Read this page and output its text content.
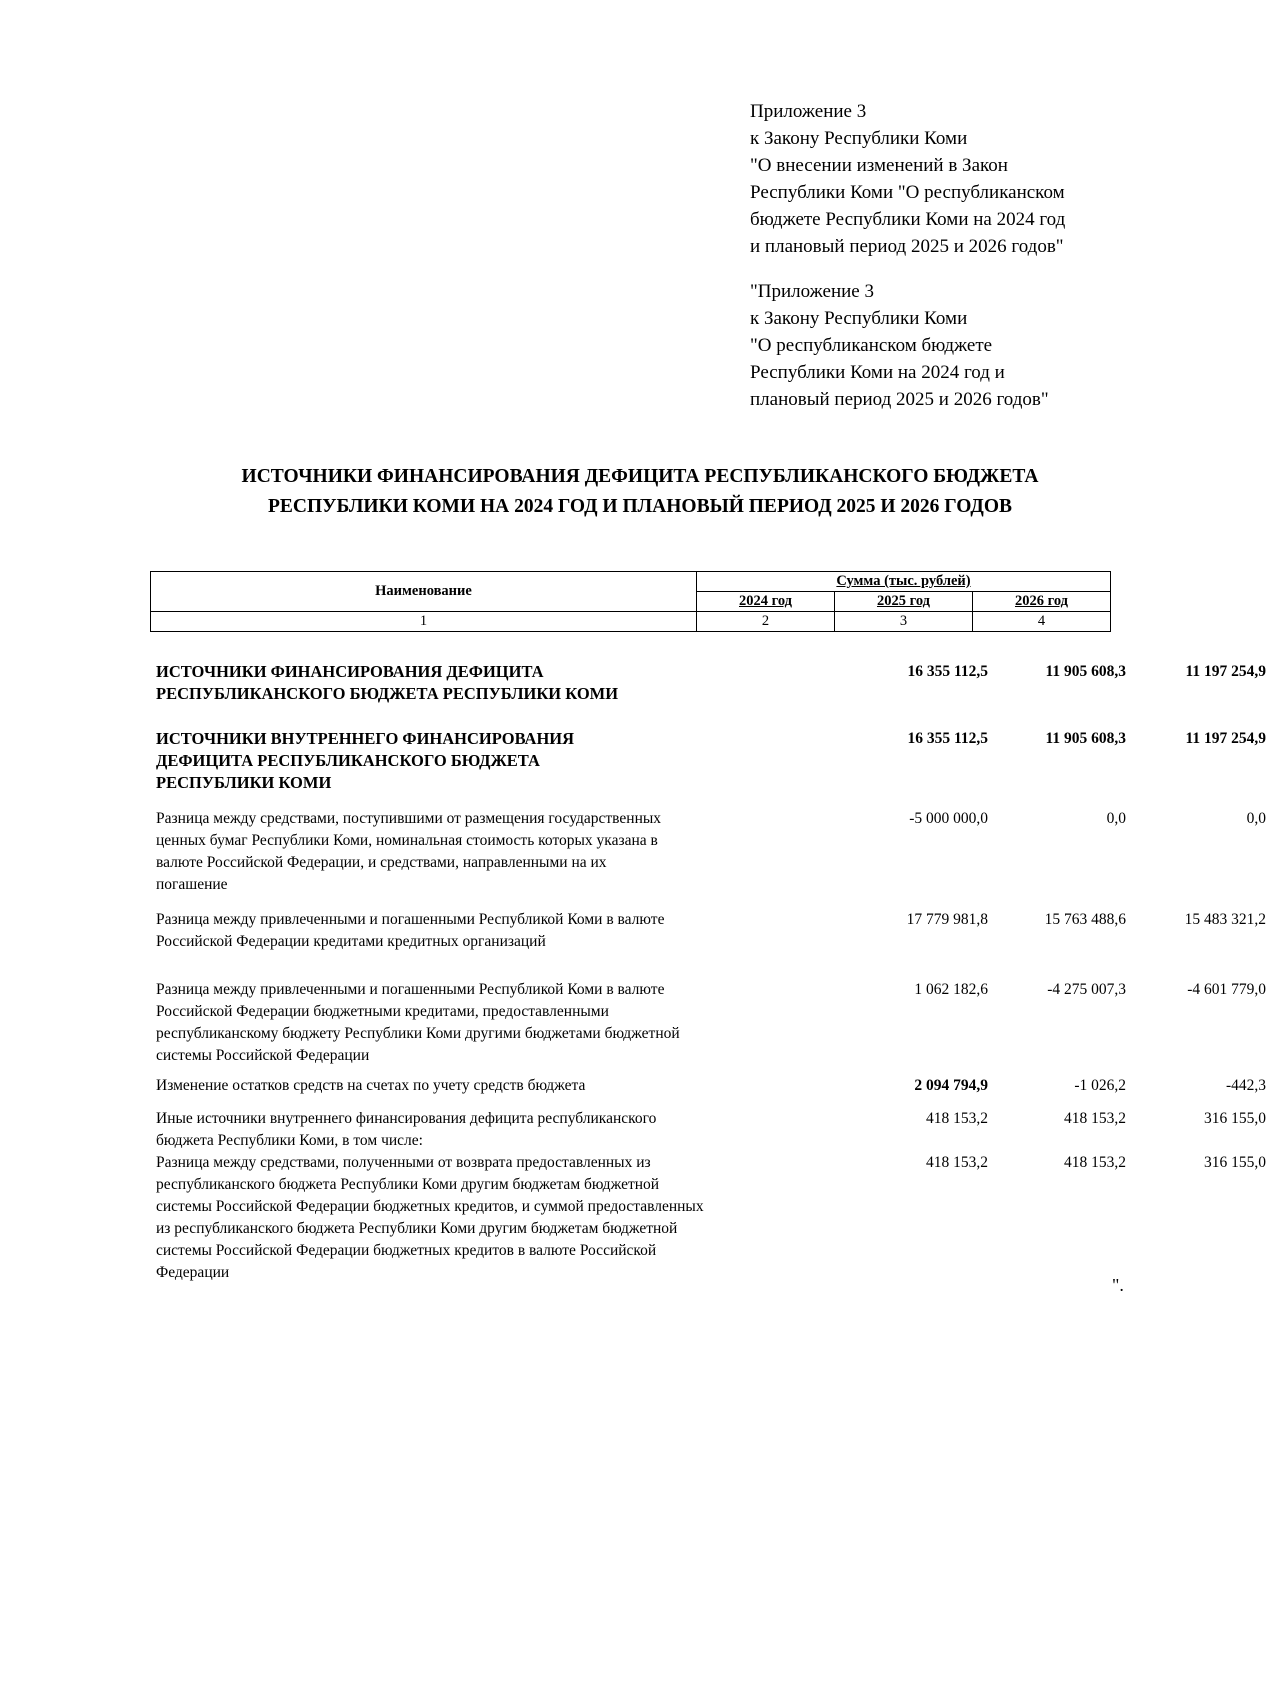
Приложение 3
к Закону Республики Коми
"О внесении изменений в Закон
Республики Коми "О республиканском
бюджете Республики Коми на 2024 год
и плановый период 2025 и 2026 годов"
"Приложение 3
к Закону Республики Коми
"О республиканском бюджете
Республики Коми на 2024 год и
плановый период 2025 и 2026 годов"
ИСТОЧНИКИ ФИНАНСИРОВАНИЯ ДЕФИЦИТА РЕСПУБЛИКАНСКОГО БЮДЖЕТА
РЕСПУБЛИКИ КОМИ НА 2024 ГОД И ПЛАНОВЫЙ ПЕРИОД 2025 И 2026 ГОДОВ
Наименование	Сумма (тыс. рублей)		
	2024 год	2025 год	2026 год
1	2	3	4
ИСТОЧНИКИ ФИНАНСИРОВАНИЯ ДЕФИЦИТА РЕСПУБЛИКАНСКОГО БЮДЖЕТА РЕСПУБЛИКИ КОМИ
16 355 112,5	11 905 608,3	11 197 254,9
ИСТОЧНИКИ ВНУТРЕННЕГО ФИНАНСИРОВАНИЯ ДЕФИЦИТА РЕСПУБЛИКАНСКОГО БЮДЖЕТА РЕСПУБЛИКИ КОМИ
16 355 112,5	11 905 608,3	11 197 254,9
Разница между средствами, поступившими от размещения государственных ценных бумаг Республики Коми, номинальная стоимость которых указана в валюте Российской Федерации, и средствами, направленными на их погашение
-5 000 000,0	0,0	0,0
Разница между привлеченными и погашенными Республикой Коми в валюте Российской Федерации кредитами кредитных организаций
17 779 981,8	15 763 488,6	15 483 321,2
Разница между привлеченными и погашенными Республикой Коми в валюте Российской Федерации бюджетными кредитами, предоставленными республиканскому бюджету Республики Коми другими бюджетами бюджетной системы Российской Федерации
1 062 182,6	-4 275 007,3	-4 601 779,0
Изменение остатков средств на счетах по учету средств бюджета	2 094 794,9	-1 026,2	-442,3
Иные источники внутреннего финансирования дефицита республиканского бюджета Республики Коми, в том числе:
418 153,2	418 153,2	316 155,0
Разница между средствами, полученными от возврата предоставленных из республиканского бюджета Республики Коми другим бюджетам бюджетной системы Российской Федерации бюджетных кредитов, и суммой предоставленных из республиканского бюджета Республики Коми другим бюджетам бюджетной системы Российской Федерации бюджетных кредитов в валюте Российской Федерации
418 153,2	418 153,2	316 155,0
".
